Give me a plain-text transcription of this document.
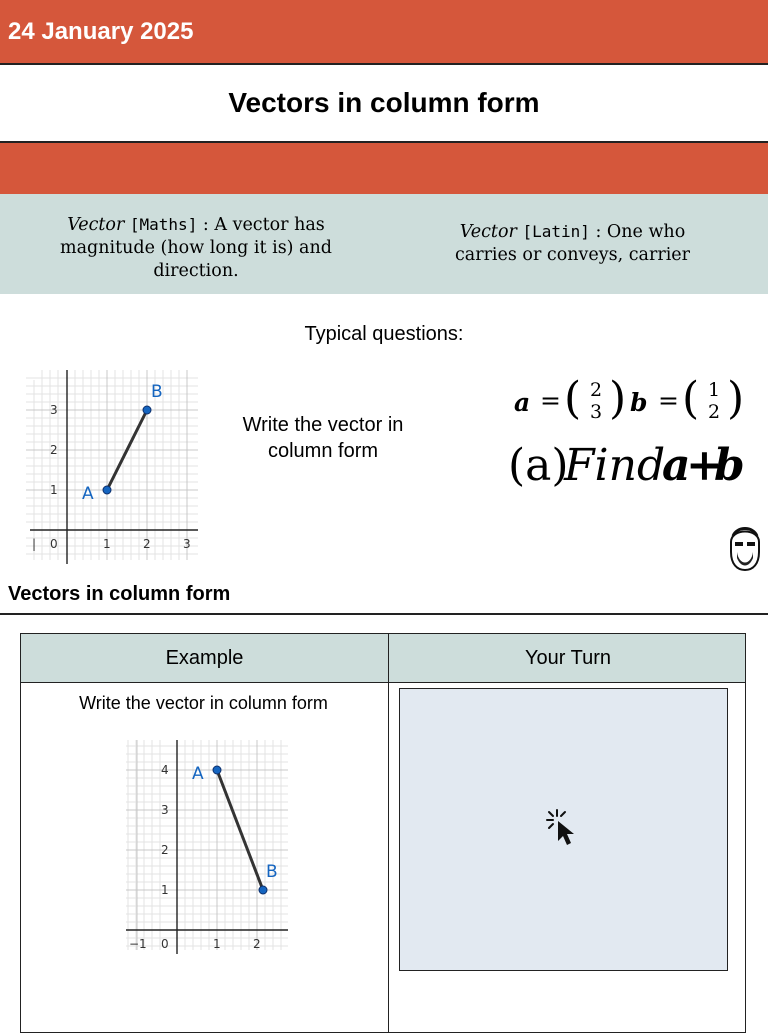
24 January 2025
Vectors in column form
Vector [Maths] : A vector has magnitude (how long it is) and direction.
Vector [Latin] : One who carries or conveys, carrier
Typical questions:
| 0	1	2	3
1
2
3
A
B
Write the vector in column form
a = ( 2
3 ) b = ( 1
2 )
(a)
Find
a
+
b
Vectors in column form
Example	Your Turn
Write the vector in column form
−1 0	1	2
1
2
3
4 A
B
